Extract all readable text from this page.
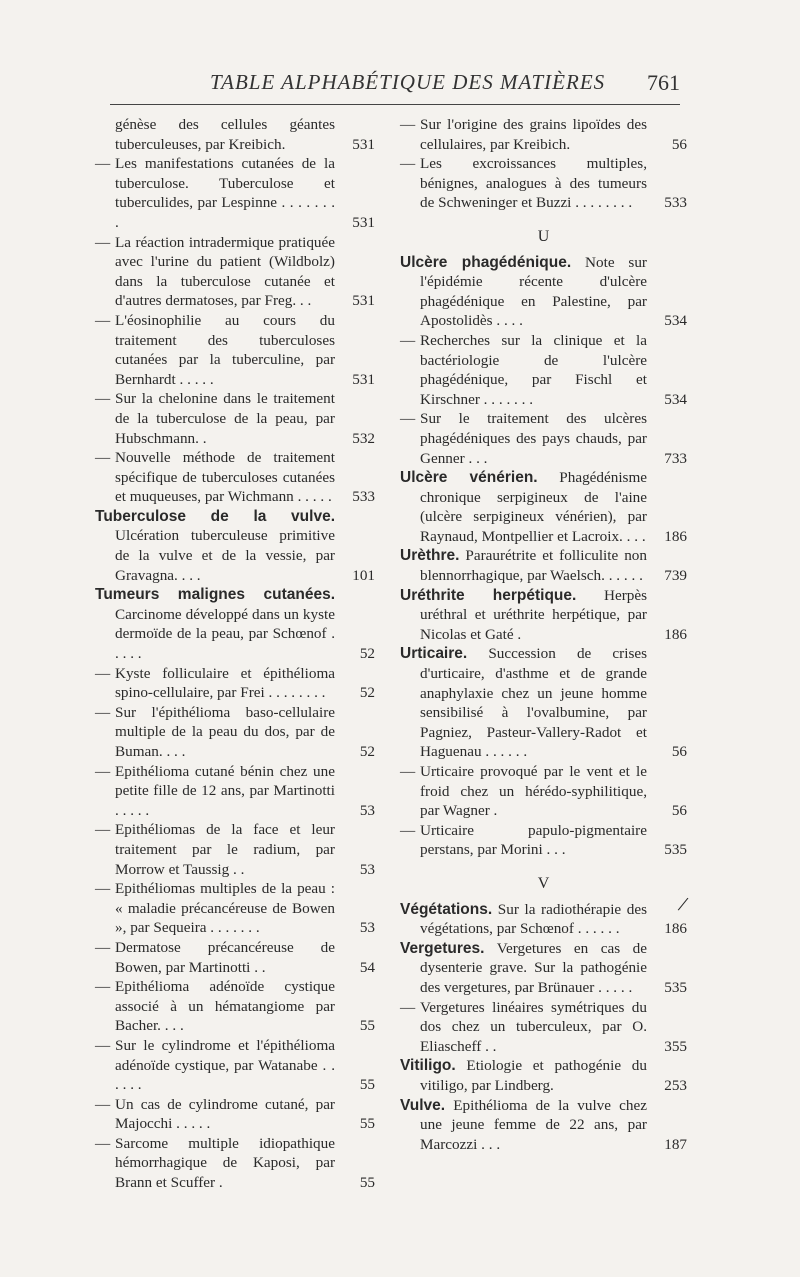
TABLE ALPHABÉTIQUE DES MATIÈRES 761
génèse des cellules géantes tuberculeuses, par Kreibich.	531
— Les manifestations cutanées de la tuberculose. Tuberculose et tuberculides, par Lespinne . . . . . . . .	531
— La réaction intradermique pratiquée avec l'urine du patient (Wildbolz) dans la tuberculose cutanée et d'autres dermatoses, par Freg. . .	531
— L'éosinophilie au cours du traitement des tuberculoses cutanées par la tuberculine, par Bernhardt . . . . .	531
— Sur la chelonine dans le traitement de la tuberculose de la peau, par Hubschmann. .	532
— Nouvelle méthode de traitement spécifique de tuberculoses cutanées et muqueuses, par Wichmann . . . . .	533
Tuberculose de la vulve. Ulcération tuberculeuse primitive de la vulve et de la vessie, par Gravagna. . . .	101
Tumeurs malignes cutanées. Carcinome développé dans un kyste dermoïde de la peau, par Schœnof . . . . .	52
— Kyste folliculaire et épithélioma spino-cellulaire, par Frei . . . . . . . .	52
— Sur l'épithélioma baso-cellulaire multiple de la peau du dos, par de Buman. . . .	52
— Epithélioma cutané bénin chez une petite fille de 12 ans, par Martinotti . . . . .	53
— Epithéliomas de la face et leur traitement par le radium, par Morrow et Taussig . .	53
— Epithéliomas multiples de la peau : « maladie précancéreuse de Bowen », par Sequeira . . . . . . .	53
— Dermatose précancéreuse de Bowen, par Martinotti . .	54
— Epithélioma adénoïde cystique associé à un hématangiome par Bacher. . . .	55
— Sur le cylindrome et l'épithélioma adénoïde cystique, par Watanabe . . . . . .	55
— Un cas de cylindrome cutané, par Majocchi . . . . .	55
— Sarcome multiple idiopathique hémorrhagique de Kaposi, par Brann et Scuffer .	55
— Sur l'origine des grains lipoïdes des cellulaires, par Kreibich.	56
— Les excroissances multiples, bénignes, analogues à des tumeurs de Schweninger et Buzzi . . . . . . . .	533
U
Ulcère phagédénique. Note sur l'épidémie récente d'ulcère phagédénique en Palestine, par Apostolidès . . . .	534
— Recherches sur la clinique et la bactériologie de l'ulcère phagédénique, par Fischl et Kirschner . . . . . . .	534
— Sur le traitement des ulcères phagédéniques des pays chauds, par Genner . . .	733
Ulcère vénérien. Phagédénisme chronique serpigineux de l'aine (ulcère serpigineux vénérien), par Raynaud, Montpellier et Lacroix. . . .	186
Urèthre. Paraurétrite et folliculite non blennorrhagique, par Waelsch. . . . . .	739
Uréthrite herpétique. Herpès uréthral et uréthrite herpétique, par Nicolas et Gaté .	186
Urticaire. Succession de crises d'urticaire, d'asthme et de grande anaphylaxie chez un jeune homme sensibilisé à l'ovalbumine, par Pagniez, Pasteur-Vallery-Radot et Haguenau . . . . . .	56
— Urticaire provoqué par le vent et le froid chez un hérédo-syphilitique, par Wagner .	56
— Urticaire papulo-pigmentaire perstans, par Morini . . .	535
V
Végétations. Sur la radiothérapie des végétations, par Schœnof . . . . . .	186
/
Vergetures. Vergetures en cas de dysenterie grave. Sur la pathogénie des vergetures, par Brünauer . . . . .	535
— Vergetures linéaires symétriques du dos chez un tuberculeux, par O. Eliascheff . .	355
Vitiligo. Etiologie et pathogénie du vitiligo, par Lindberg.	253
Vulve. Epithélioma de la vulve chez une jeune femme de 22 ans, par Marcozzi . . .	187
